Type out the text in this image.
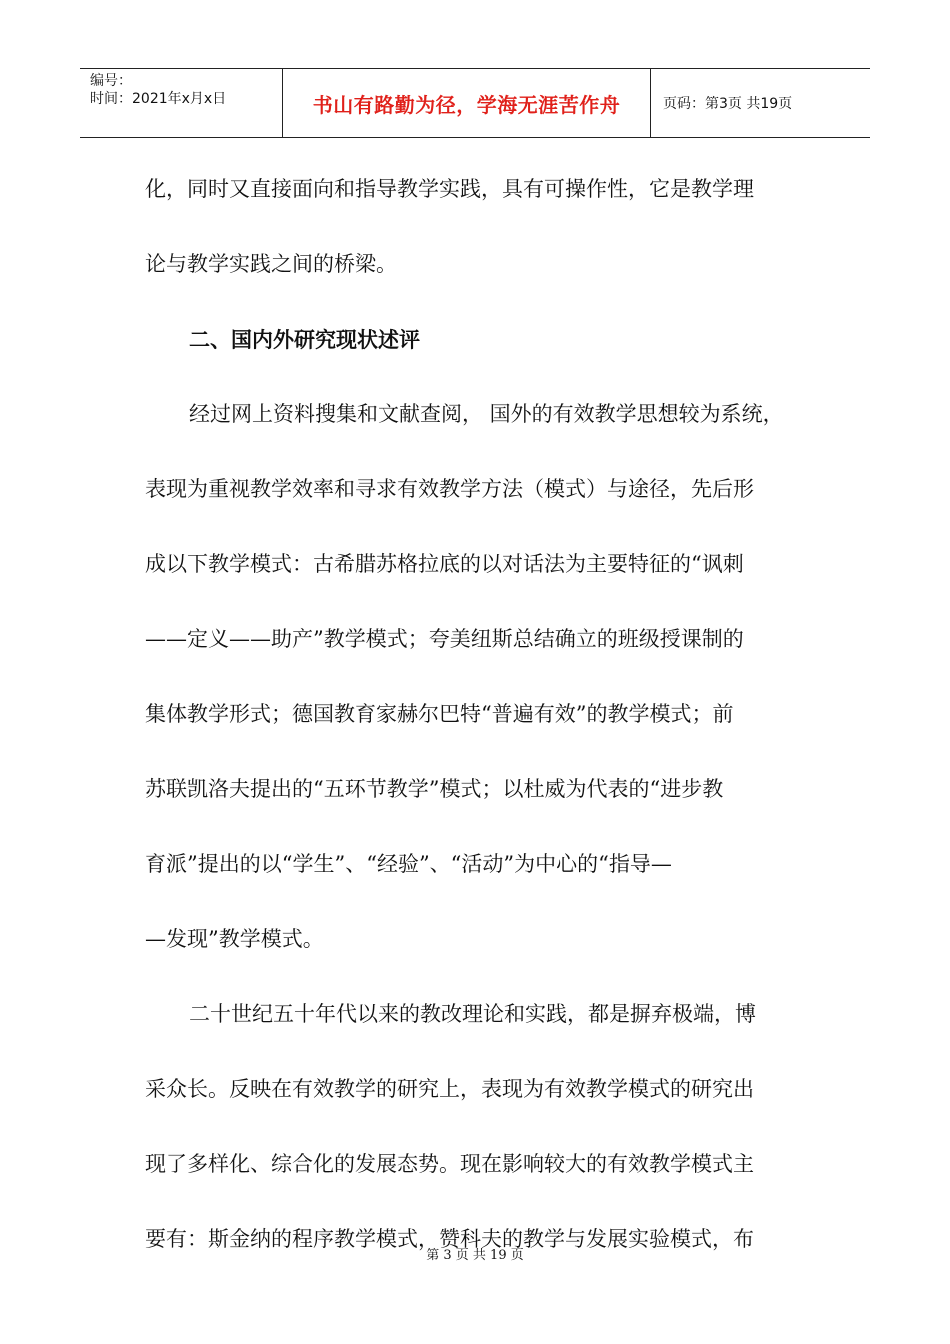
编号：
时间：2021年x月x日	书山有路勤为径，学海无涯苦作舟	页码：第3页 共19页
化，同时又直接面向和指导教学实践，具有可操作性，它是教学理
论与教学实践之间的桥梁。
二、国内外研究现状述评
经过网上资料搜集和文献查阅， 国外的有效教学思想较为系统，
表现为重视教学效率和寻求有效教学方法（模式）与途径，先后形
成以下教学模式：古希腊苏格拉底的以对话法为主要特征的“讽刺
——定义——助产”教学模式；夸美纽斯总结确立的班级授课制的
集体教学形式；德国教育家赫尔巴特“普遍有效”的教学模式；前
苏联凯洛夫提出的“五环节教学”模式；以杜威为代表的“进步教
育派”提出的以“学生”、“经验”、“活动”为中心的“指导—
—发现”教学模式。
二十世纪五十年代以来的教改理论和实践，都是摒弃极端，博
采众长。反映在有效教学的研究上，表现为有效教学模式的研究出
现了多样化、综合化的发展态势。现在影响较大的有效教学模式主
要有：斯金纳的程序教学模式，赞科夫的教学与发展实验模式，布
第 3 页 共 19 页
